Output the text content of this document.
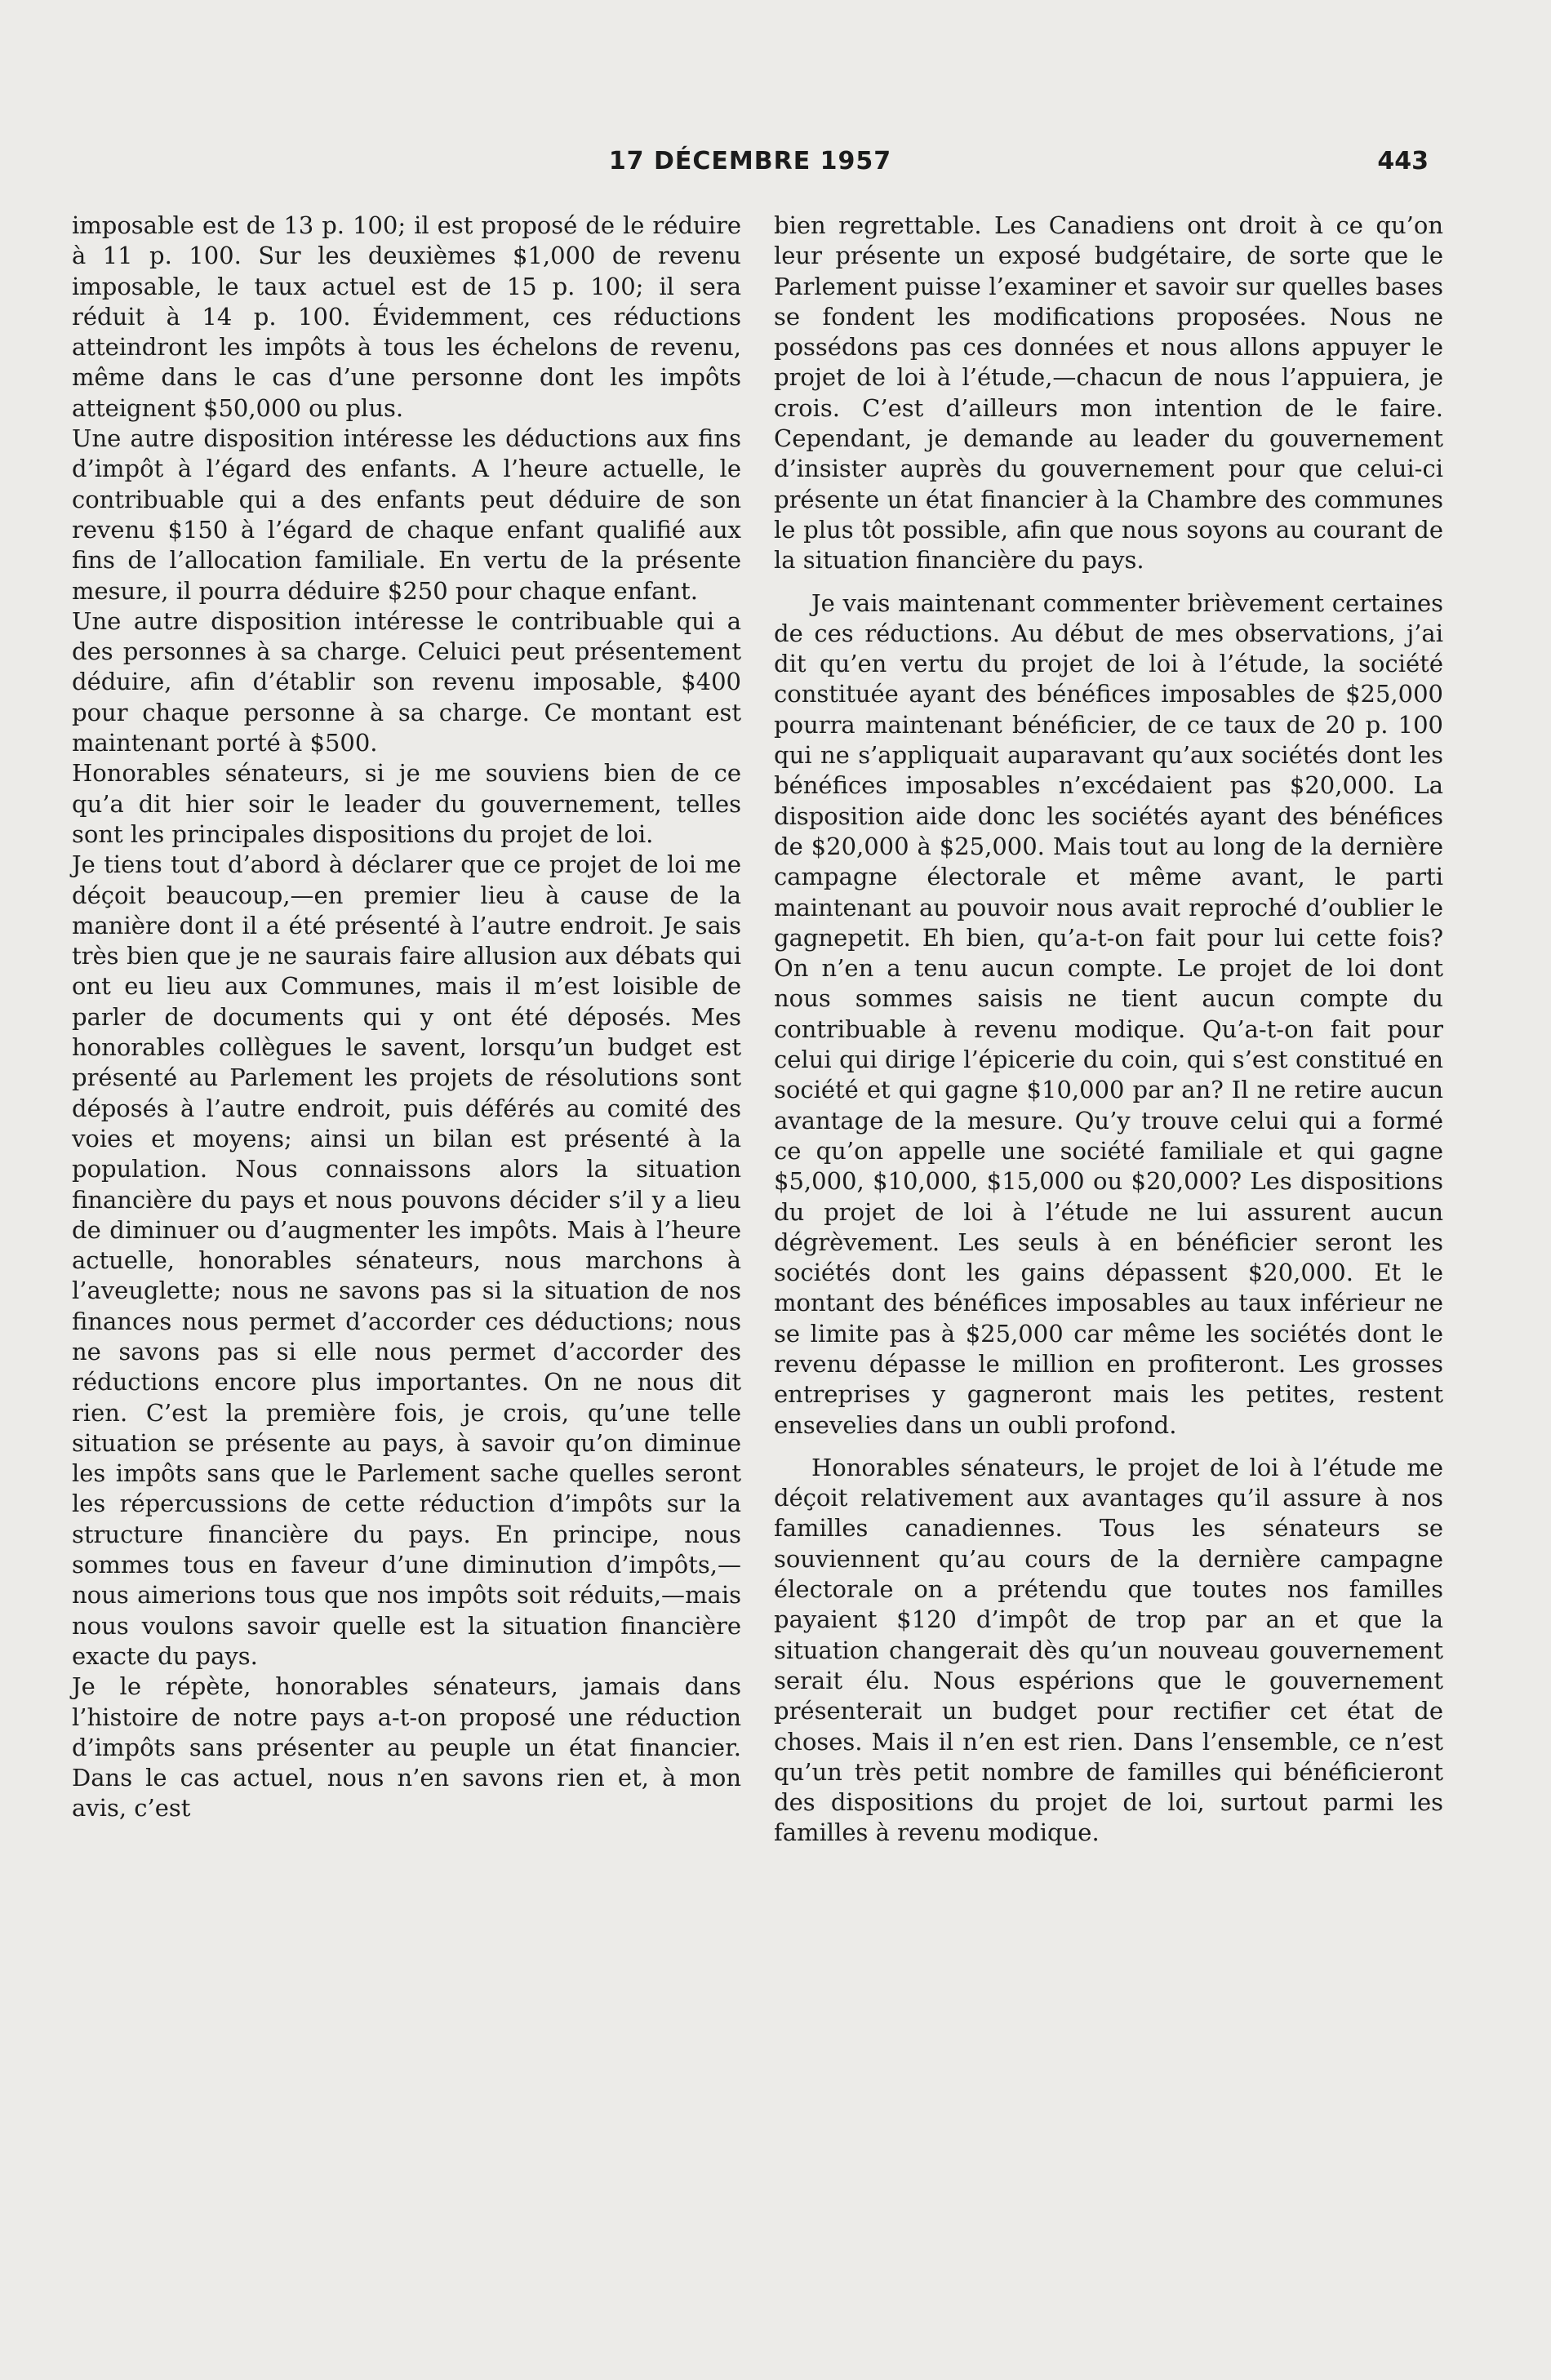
17 DÉCEMBRE 1957	443

imposable est de 13 p. 100; il est proposé de le réduire à 11 p. 100. Sur les deuxièmes $1,000 de revenu imposable, le taux actuel est de 15 p. 100; il sera réduit à 14 p. 100. Évidemment, ces réductions atteindront les impôts à tous les échelons de revenu, même dans le cas d’une personne dont les impôts atteignent $50,000 ou plus.

Une autre disposition intéresse les déductions aux fins d’impôt à l’égard des enfants. A l’heure actuelle, le contribuable qui a des enfants peut déduire de son revenu $150 à l’égard de chaque enfant qualifié aux fins de l’allocation familiale. En vertu de la présente mesure, il pourra déduire $250 pour chaque enfant.

Une autre disposition intéresse le contribuable qui a des personnes à sa charge. Celuici peut présentement déduire, afin d’établir son revenu imposable, $400 pour chaque personne à sa charge. Ce montant est maintenant porté à $500.

Honorables sénateurs, si je me souviens bien de ce qu’a dit hier soir le leader du gouvernement, telles sont les principales dispositions du projet de loi.

Je tiens tout d’abord à déclarer que ce projet de loi me déçoit beaucoup,—en premier lieu à cause de la manière dont il a été présenté à l’autre endroit. Je sais très bien que je ne saurais faire allusion aux débats qui ont eu lieu aux Communes, mais il m’est loisible de parler de documents qui y ont été déposés. Mes honorables collègues le savent, lorsqu’un budget est présenté au Parlement les projets de résolutions sont déposés à l’autre endroit, puis déférés au comité des voies et moyens; ainsi un bilan est présenté à la population. Nous connaissons alors la situation financière du pays et nous pouvons décider s’il y a lieu de diminuer ou d’augmenter les impôts. Mais à l’heure actuelle, honorables sénateurs, nous marchons à l’aveuglette; nous ne savons pas si la situation de nos finances nous permet d’accorder ces déductions; nous ne savons pas si elle nous permet d’accorder des réductions encore plus importantes. On ne nous dit rien. C’est la première fois, je crois, qu’une telle situation se présente au pays, à savoir qu’on diminue les impôts sans que le Parlement sache quelles seront les répercussions de cette réduction d’impôts sur la structure financière du pays. En principe, nous sommes tous en faveur d’une diminution d’impôts,—nous aimerions tous que nos impôts soit réduits,—mais nous voulons savoir quelle est la situation financière exacte du pays.

Je le répète, honorables sénateurs, jamais dans l’histoire de notre pays a-t-on proposé une réduction d’impôts sans présenter au peuple un état financier. Dans le cas actuel, nous n’en savons rien et, à mon avis, c’est

bien regrettable. Les Canadiens ont droit à ce qu’on leur présente un exposé budgétaire, de sorte que le Parlement puisse l’examiner et savoir sur quelles bases se fondent les modifications proposées. Nous ne possédons pas ces données et nous allons appuyer le projet de loi à l’étude,—chacun de nous l’appuiera, je crois. C’est d’ailleurs mon intention de le faire. Cependant, je demande au leader du gouvernement d’insister auprès du gouvernement pour que celui-ci présente un état financier à la Chambre des communes le plus tôt possible, afin que nous soyons au courant de la situation financière du pays.

Je vais maintenant commenter brièvement certaines de ces réductions. Au début de mes observations, j’ai dit qu’en vertu du projet de loi à l’étude, la société constituée ayant des bénéfices imposables de $25,000 pourra maintenant bénéficier, de ce taux de 20 p. 100 qui ne s’appliquait auparavant qu’aux sociétés dont les bénéfices imposables n’excédaient pas $20,000. La disposition aide donc les sociétés ayant des bénéfices de $20,000 à $25,000. Mais tout au long de la dernière campagne électorale et même avant, le parti maintenant au pouvoir nous avait reproché d’oublier le gagnepetit. Eh bien, qu’a-t-on fait pour lui cette fois? On n’en a tenu aucun compte. Le projet de loi dont nous sommes saisis ne tient aucun compte du contribuable à revenu modique. Qu’a-t-on fait pour celui qui dirige l’épicerie du coin, qui s’est constitué en société et qui gagne $10,000 par an? Il ne retire aucun avantage de la mesure. Qu’y trouve celui qui a formé ce qu’on appelle une société familiale et qui gagne $5,000, $10,000, $15,000 ou $20,000? Les dispositions du projet de loi à l’étude ne lui assurent aucun dégrèvement. Les seuls à en bénéficier seront les sociétés dont les gains dépassent $20,000. Et le montant des bénéfices imposables au taux inférieur ne se limite pas à $25,000 car même les sociétés dont le revenu dépasse le million en profiteront. Les grosses entreprises y gagneront mais les petites, restent ensevelies dans un oubli profond.

Honorables sénateurs, le projet de loi à l’étude me déçoit relativement aux avantages qu’il assure à nos familles canadiennes. Tous les sénateurs se souviennent qu’au cours de la dernière campagne électorale on a prétendu que toutes nos familles payaient $120 d’impôt de trop par an et que la situation changerait dès qu’un nouveau gouvernement serait élu. Nous espérions que le gouvernement présenterait un budget pour rectifier cet état de choses. Mais il n’en est rien. Dans l’ensemble, ce n’est qu’un très petit nombre de familles qui bénéficieront des dispositions du projet de loi, surtout parmi les familles à revenu modique.
